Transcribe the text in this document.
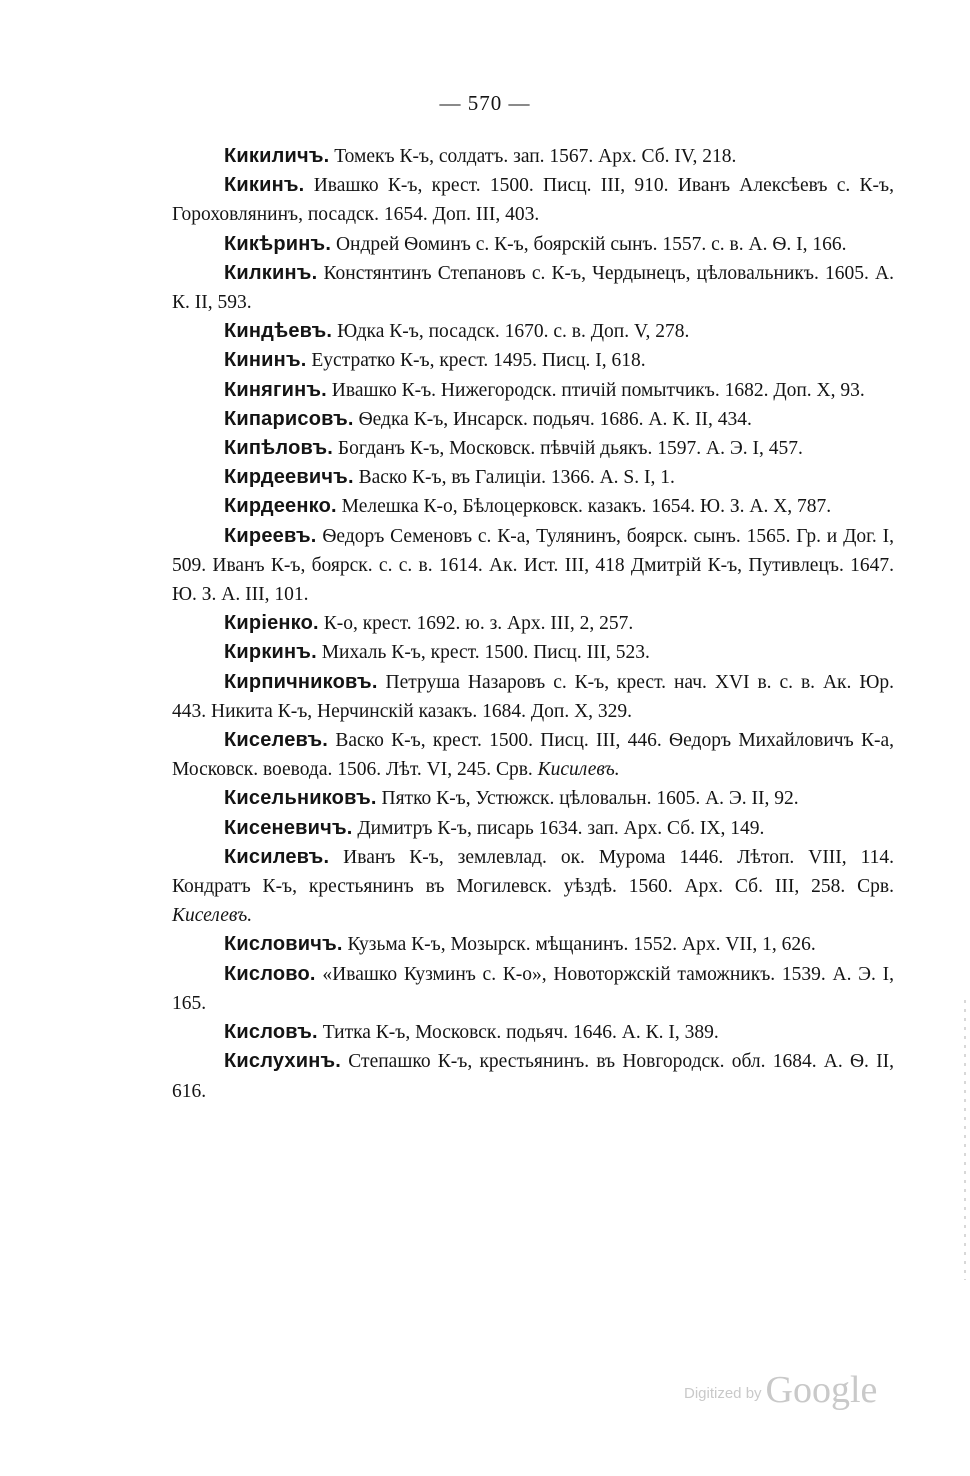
— 570 —

Кикиличъ. Томекъ К-ъ, солдатъ. зап. 1567. Арх. Сб. IV, 218.

Кикинъ. Ивашко К-ъ, крест. 1500. Писц. III, 910. Иванъ Алексѣевъ с. К-ъ, Гороховлянинъ, посадск. 1654. Доп. III, 403.

Кикѣринъ. Ондрей Ѳоминъ с. К-ъ, боярскій сынъ. 1557. с. в. А. Ѳ. I, 166.

Килкинъ. Констянтинъ Степановъ с. К-ъ, Чердынецъ, цѣловальникъ. 1605. А. К. II, 593.

Киндѣевъ. Юдка К-ъ, посадск. 1670. с. в. Доп. V, 278.

Кининъ. Еустратко К-ъ, крест. 1495. Писц. I, 618.

Кинягинъ. Ивашко К-ъ. Нижегородск. птичій помытчикъ. 1682. Доп. X, 93.

Кипарисовъ. Ѳедка К-ъ, Инсарск. подьяч. 1686. А. К. II, 434.

Кипѣловъ. Богданъ К-ъ, Московск. пѣвчій дьякъ. 1597. А. Э. I, 457.

Кирдеевичъ. Васко К-ъ, въ Галиціи. 1366. А. S. I, 1.

Кирдеенко. Мелешка К-о, Бѣлоцерковск. казакъ. 1654. Ю. З. А. X, 787.

Киреевъ. Ѳедоръ Семеновъ с. К-а, Тулянинъ, боярск. сынъ. 1565. Гр. и Дог. I, 509. Иванъ К-ъ, боярск. с. с. в. 1614. Ак. Ист. III, 418 Дмитрій К-ъ, Путивлецъ. 1647. Ю. З. А. III, 101.

Киріенко. К-о, крест. 1692. ю. з. Арх. III, 2, 257.

Киркинъ. Михаль К-ъ, крест. 1500. Писц. III, 523.

Кирпичниковъ. Петруша Назаровъ с. К-ъ, крест. нач. XVI в. с. в. Ак. Юр. 443. Никита К-ъ, Нерчинскій казакъ. 1684. Доп. X, 329.

Киселевъ. Васко К-ъ, крест. 1500. Писц. III, 446. Ѳедоръ Михайловичъ К-а, Московск. воевода. 1506. Лѣт. VI, 245. Срв. Кисилевъ.

Кисельниковъ. Пятко К-ъ, Устюжск. цѣловальн. 1605. А. Э. II, 92.

Кисеневичъ. Димитръ К-ъ, писарь 1634. зап. Арх. Сб. IX, 149.

Кисилевъ. Иванъ К-ъ, землевлад. ок. Мурома 1446. Лѣтоп. VIII, 114. Кондратъ К-ъ, крестьянинъ въ Могилевск. уѣздѣ. 1560. Арх. Сб. III, 258. Срв. Киселевъ.

Кисловичъ. Кузьма К-ъ, Мозырск. мѣщанинъ. 1552. Арх. VII, 1, 626.

Кислово. «Ивашко Кузминъ с. К-о», Новоторжскій таможникъ. 1539. А. Э. I, 165.

Кисловъ. Титка К-ъ, Московск. подьяч. 1646. А. К. I, 389.

Кислухинъ. Степашко К-ъ, крестьянинъ. въ Новгородск. обл. 1684. А. Ѳ. II, 616.

Digitized by Google
